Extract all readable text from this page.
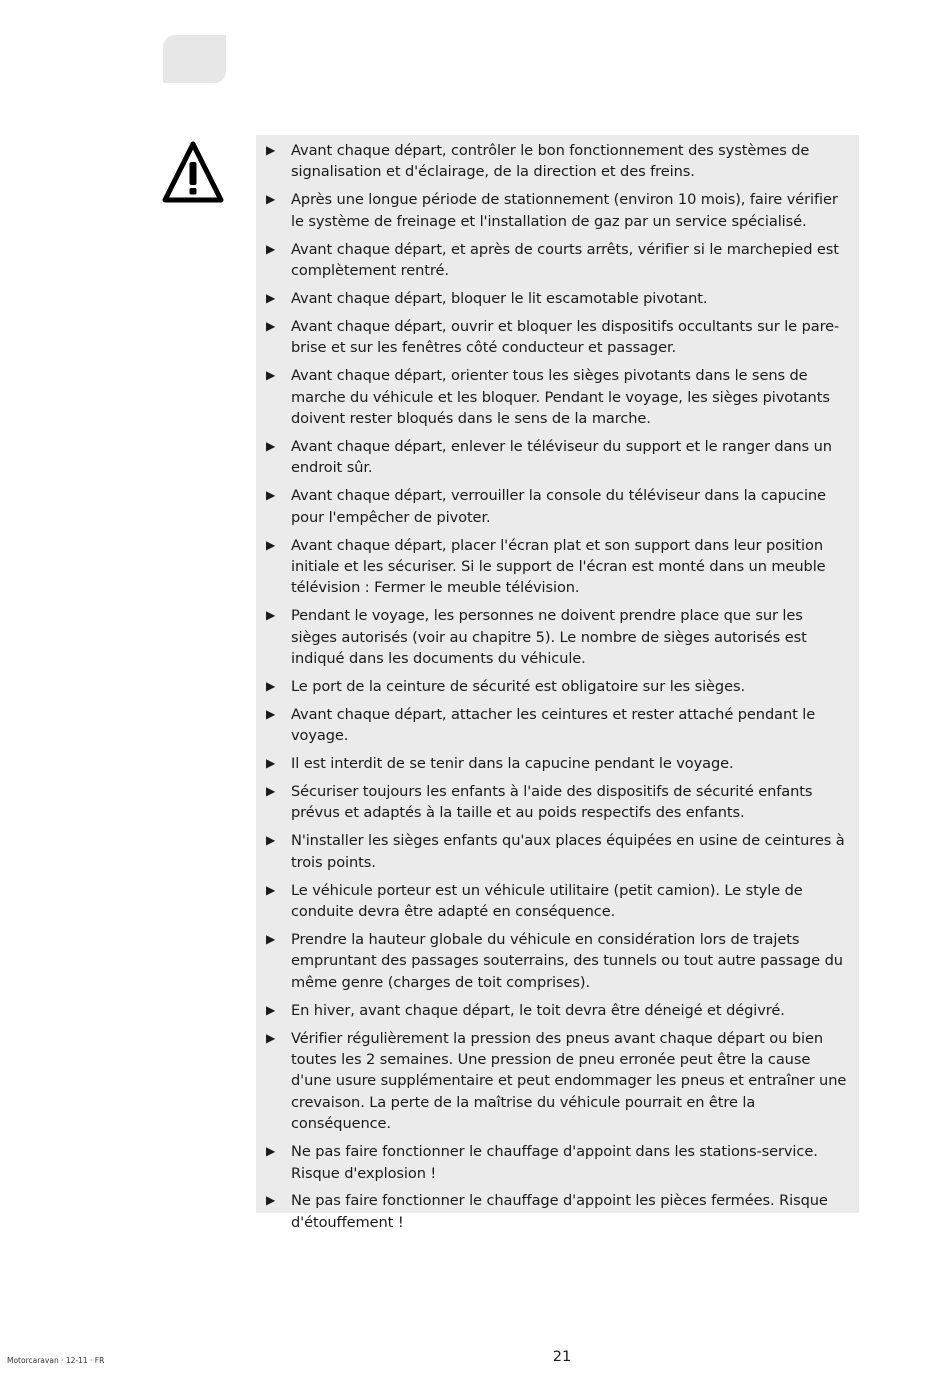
▶	Avant chaque départ, contrôler le bon fonctionnement des systèmes de signalisation et d'éclairage, de la direction et des freins.
▶	Après une longue période de stationnement (environ 10 mois), faire vérifier le système de freinage et l'installation de gaz par un service spécialisé.
▶	Avant chaque départ, et après de courts arrêts, vérifier si le marchepied est complètement rentré.
▶	Avant chaque départ, bloquer le lit escamotable pivotant.
▶	Avant chaque départ, ouvrir et bloquer les dispositifs occultants sur le pare-brise et sur les fenêtres côté conducteur et passager.
▶	Avant chaque départ, orienter tous les sièges pivotants dans le sens de marche du véhicule et les bloquer. Pendant le voyage, les sièges pivotants doivent rester bloqués dans le sens de la marche.
▶	Avant chaque départ, enlever le téléviseur du support et le ranger dans un endroit sûr.
▶	Avant chaque départ, verrouiller la console du téléviseur dans la capucine pour l'empêcher de pivoter.
▶	Avant chaque départ, placer l'écran plat et son support dans leur position initiale et les sécuriser. Si le support de l'écran est monté dans un meuble télévision : Fermer le meuble télévision.
▶	Pendant le voyage, les personnes ne doivent prendre place que sur les sièges autorisés (voir au chapitre 5). Le nombre de sièges autorisés est indiqué dans les documents du véhicule.
▶	Le port de la ceinture de sécurité est obligatoire sur les sièges.
▶	Avant chaque départ, attacher les ceintures et rester attaché pendant le voyage.
▶	Il est interdit de se tenir dans la capucine pendant le voyage.
▶	Sécuriser toujours les enfants à l'aide des dispositifs de sécurité enfants prévus et adaptés à la taille et au poids respectifs des enfants.
▶	N'installer les sièges enfants qu'aux places équipées en usine de ceintures à trois points.
▶	Le véhicule porteur est un véhicule utilitaire (petit camion). Le style de conduite devra être adapté en conséquence.
▶	Prendre la hauteur globale du véhicule en considération lors de trajets empruntant des passages souterrains, des tunnels ou tout autre passage du même genre (charges de toit comprises).
▶	En hiver, avant chaque départ, le toit devra être déneigé et dégivré.
▶	Vérifier régulièrement la pression des pneus avant chaque départ ou bien toutes les 2 semaines. Une pression de pneu erronée peut être la cause d'une usure supplémentaire et peut endommager les pneus et entraîner une crevaison. La perte de la maîtrise du véhicule pourrait en être la conséquence.
▶	Ne pas faire fonctionner le chauffage d'appoint dans les stations-service. Risque d'explosion !
▶	Ne pas faire fonctionner le chauffage d'appoint les pièces fermées. Risque d'étouffement !
Motorcaravan · 12-11 · FR	21
